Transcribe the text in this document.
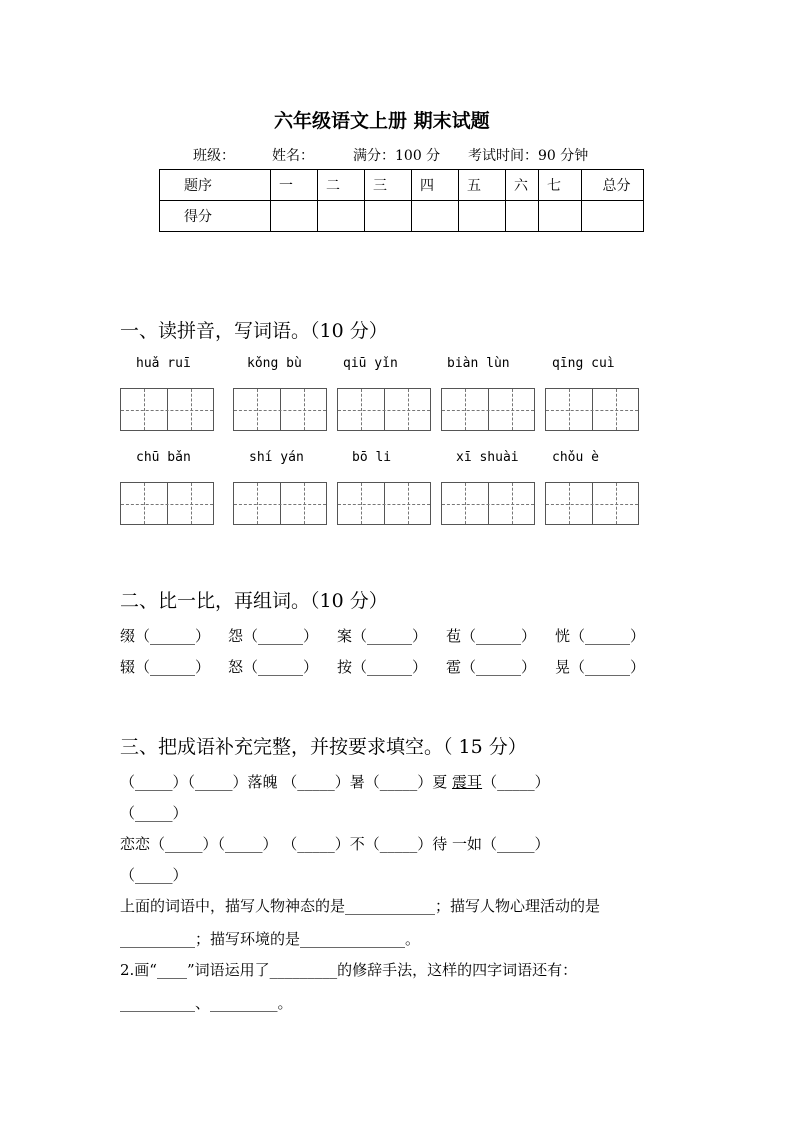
六年级语文上册 期末试题
班级：	姓名：	满分：100 分 考试时间：90 分钟
题序	一	二	三	四	五	六	七	总分
得分								
一、读拼音，写词语。（10 分）
huǎ ruī	kǒng bù	qiū yǐn	biàn lùn	qīng cuì
chū bǎn	shí yán	bō li	xī shuài	chǒu è
二、比一比，再组词。（10 分）
缀（______） 怨（______） 案（______） 苞（______） 恍（______）
辍（______） 怒（______） 按（______） 雹（______） 晃（______）
三、把成语补充完整，并按要求填空。（ 15 分）
（_____）（_____）落魄 （_____）暑（_____）夏 震耳（_____）
（_____）
恋恋（_____）（_____） （_____）不（_____）待 一如（_____）
（_____）
上面的词语中，描写人物神态的是____________；描写人物心理活动的是
__________；描写环境的是______________。
2.画“____”词语运用了_________的修辞手法，这样的四字词语还有：
__________、_________。
